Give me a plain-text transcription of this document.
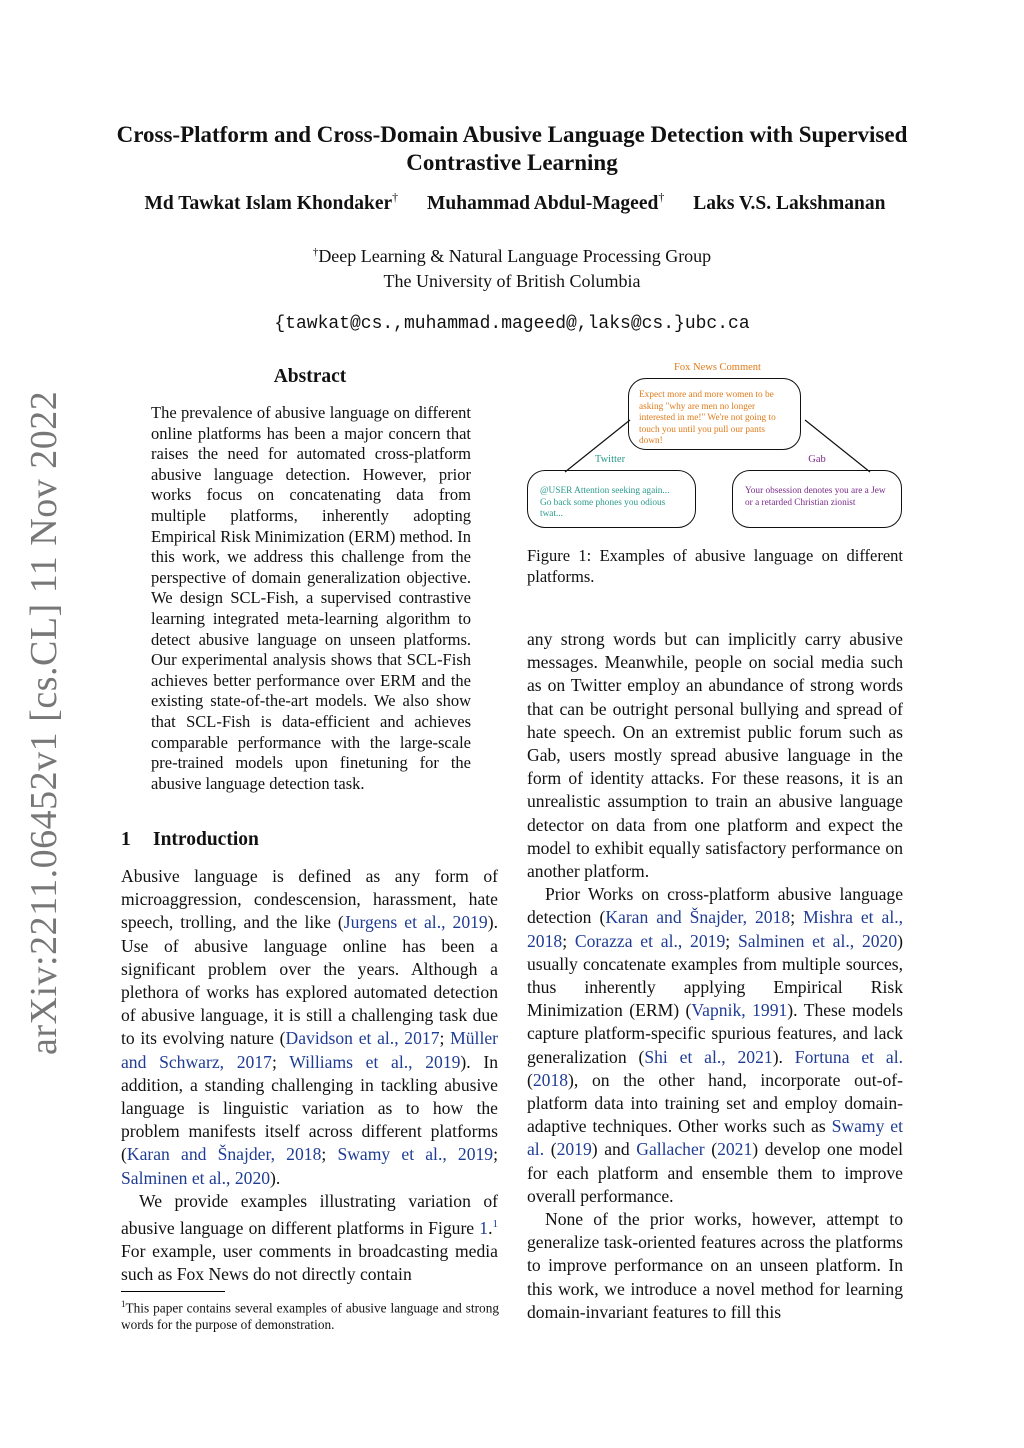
Cross-Platform and Cross-Domain Abusive Language Detection with Supervised Contrastive Learning
Md Tawkat Islam Khondaker† Muhammad Abdul-Mageed† Laks V.S. Lakshmanan
†Deep Learning & Natural Language Processing Group
The University of British Columbia
{tawkat@cs.,muhammad.mageed@,laks@cs.}ubc.ca
arXiv:2211.06452v1 [cs.CL] 11 Nov 2022
Abstract
The prevalence of abusive language on different online platforms has been a major concern that raises the need for automated cross-platform abusive language detection. However, prior works focus on concatenating data from multiple platforms, inherently adopting Empirical Risk Minimization (ERM) method. In this work, we address this challenge from the perspective of domain generalization objective. We design SCL-Fish, a supervised contrastive learning integrated meta-learning algorithm to detect abusive language on unseen platforms. Our experimental analysis shows that SCL-Fish achieves better performance over ERM and the existing state-of-the-art models. We also show that SCL-Fish is data-efficient and achieves comparable performance with the large-scale pre-trained models upon finetuning for the abusive language detection task.
1 Introduction

Abusive language is defined as any form of microaggression, condescension, harassment, hate speech, trolling, and the like (Jurgens et al., 2019). Use of abusive language online has been a significant problem over the years. Although a plethora of works has explored automated detection of abusive language, it is still a challenging task due to its evolving nature (Davidson et al., 2017; Müller and Schwarz, 2017; Williams et al., 2019). In addition, a standing challenging in tackling abusive language is linguistic variation as to how the problem manifests itself across different platforms (Karan and Šnajder, 2018; Swamy et al., 2019; Salminen et al., 2020).

We provide examples illustrating variation of abusive language on different platforms in Figure 1.$^1$ For example, user comments in broadcasting media such as Fox News do not directly contain

$^1$This paper contains several examples of abusive language and strong words for the purpose of demonstration.
Fox News Comment
Expect more and more women to be asking "why are men no longer interested in me!" We're not going to touch you until you pull our pants down!
Twitter
@USER Attention seeking again... Go back some phones you odious twat...
Gab
Your obsession denotes you are a Jew or a retarded Christian zionist
Figure 1: Examples of abusive language on different platforms.

any strong words but can implicitly carry abusive messages. Meanwhile, people on social media such as on Twitter employ an abundance of strong words that can be outright personal bullying and spread of hate speech. On an extremist public forum such as Gab, users mostly spread abusive language in the form of identity attacks. For these reasons, it is an unrealistic assumption to train an abusive language detector on data from one platform and expect the model to exhibit equally satisfactory performance on another platform.

Prior Works on cross-platform abusive language detection (Karan and Šnajder, 2018; Mishra et al., 2018; Corazza et al., 2019; Salminen et al., 2020) usually concatenate examples from multiple sources, thus inherently applying Empirical Risk Minimization (ERM) (Vapnik, 1991). These models capture platform-specific spurious features, and lack generalization (Shi et al., 2021). Fortuna et al. (2018), on the other hand, incorporate out-of-platform data into training set and employ domain-adaptive techniques. Other works such as Swamy et al. (2019) and Gallacher (2021) develop one model for each platform and ensemble them to improve overall performance.

None of the prior works, however, attempt to generalize task-oriented features across the platforms to improve performance on an unseen platform. In this work, we introduce a novel method for learning domain-invariant features to fill this
